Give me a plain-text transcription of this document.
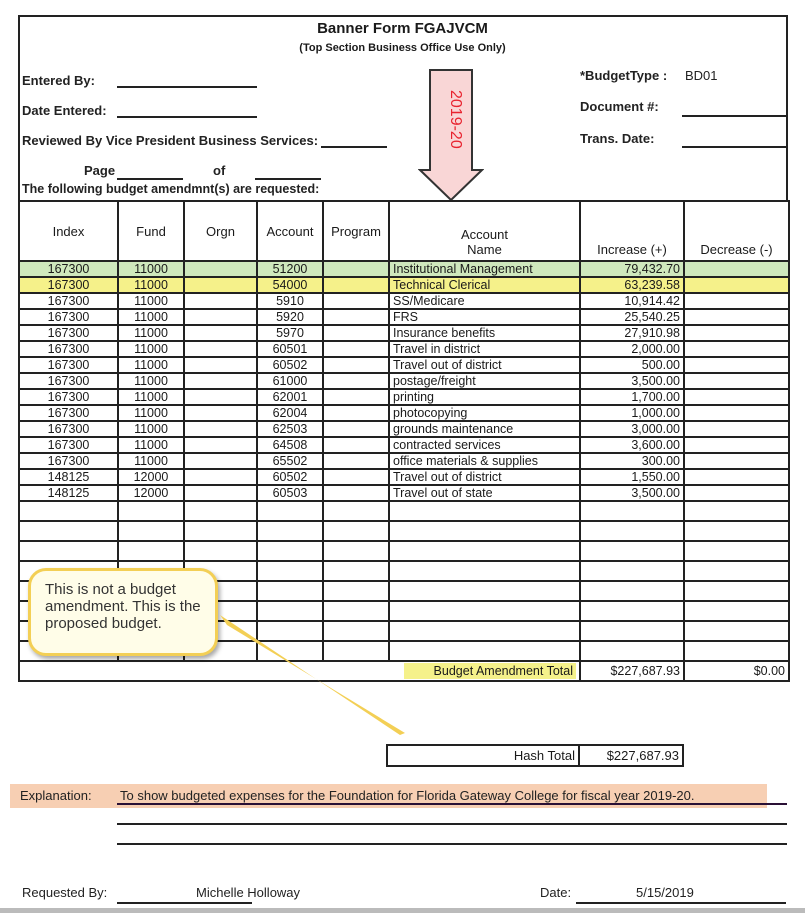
Banner Form FGAJVCM
(Top Section Business Office Use Only)
Entered By:
Date Entered:
Reviewed By Vice President Business Services:
Page	of
The following budget amendmnt(s) are requested:
*BudgetType : BD01
Document #:
Trans. Date:
2019-20
Index	Fund	Orgn	Account	Program	Account
Name	Increase (+)	Decrease (-)
167300	11000		51200		Institutional Management	79,432.70	
167300	11000		54000		Technical Clerical	63,239.58	
167300	11000		5910		SS/Medicare	10,914.42	
167300	11000		5920		FRS	25,540.25	
167300	11000		5970		Insurance benefits	27,910.98	
167300	11000		60501		Travel in district	2,000.00	
167300	11000		60502		Travel out of district	500.00	
167300	11000		61000		postage/freight	3,500.00	
167300	11000		62001		printing	1,700.00	
167300	11000		62004		photocopying	1,000.00	
167300	11000		62503		grounds maintenance	3,000.00	
167300	11000		64508		contracted services	3,600.00	
167300	11000		65502		office materials & supplies	300.00	
148125	12000		60502		Travel out of district	1,550.00	
148125	12000		60503		Travel out of state	3,500.00	

Budget Amendment Total						$227,687.93	$0.00
Hash Total	$227,687.93
This is not a budget amendment. This is the proposed budget.
Explanation: To show budgeted expenses for the Foundation for Florida Gateway College for fiscal year 2019-20.
Requested By:	Michelle Holloway	Date:	5/15/2019
